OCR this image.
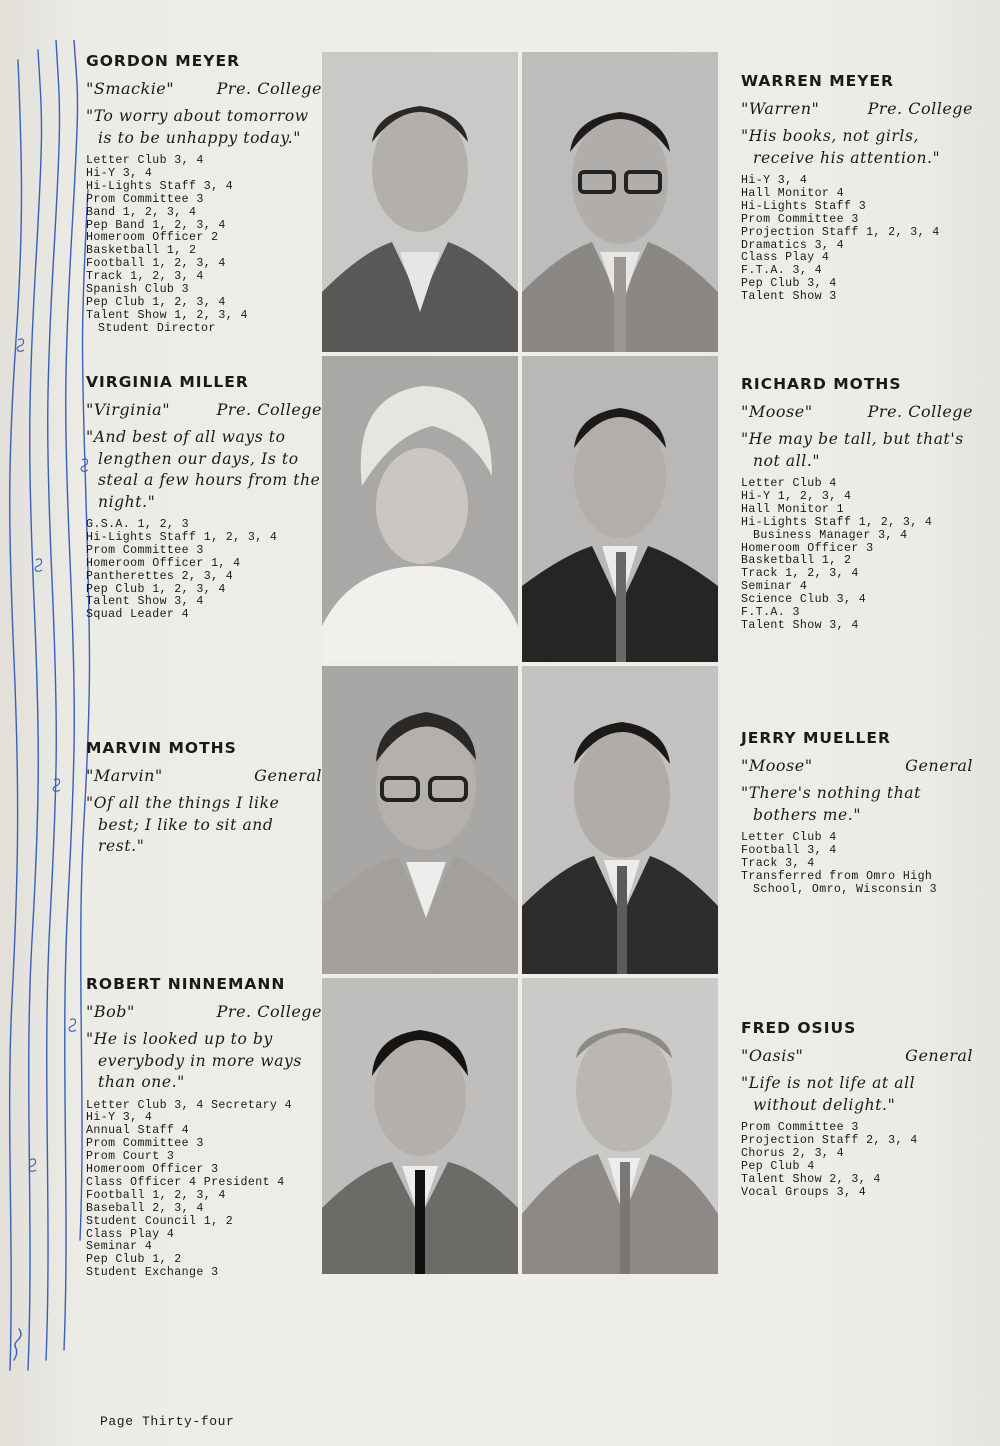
GORDON MEYER
"Smackie"	Pre. College
"To worry about tomorrow is to be unhappy today."
Letter Club 3, 4
Hi-Y 3, 4
Hi-Lights Staff 3, 4
Prom Committee 3
Band 1, 2, 3, 4
Pep Band 1, 2, 3, 4
Homeroom Officer 2
Basketball 1, 2
Football 1, 2, 3, 4
Track 1, 2, 3, 4
Spanish Club 3
Pep Club 1, 2, 3, 4
Talent Show 1, 2, 3, 4
Student Director
WARREN MEYER
"Warren"	Pre. College
"His books, not girls, receive his attention."
Hi-Y 3, 4
Hall Monitor 4
Hi-Lights Staff 3
Prom Committee 3
Projection Staff 1, 2, 3, 4
Dramatics 3, 4
Class Play 4
F.T.A. 3, 4
Pep Club 3, 4
Talent Show 3
VIRGINIA MILLER
"Virginia"	Pre. College
"And best of all ways to lengthen our days, Is to steal a few hours from the night."
G.S.A. 1, 2, 3
Hi-Lights Staff 1, 2, 3, 4
Prom Committee 3
Homeroom Officer 1, 4
Pantherettes 2, 3, 4
Pep Club 1, 2, 3, 4
Talent Show 3, 4
Squad Leader 4
RICHARD MOTHS
"Moose"	Pre. College
"He may be tall, but that's not all."
Letter Club 4
Hi-Y 1, 2, 3, 4
Hall Monitor 1
Hi-Lights Staff 1, 2, 3, 4
Business Manager 3, 4
Homeroom Officer 3
Basketball 1, 2
Track 1, 2, 3, 4
Seminar 4
Science Club 3, 4
F.T.A. 3
Talent Show 3, 4
MARVIN MOTHS
"Marvin"	General
"Of all the things I like best; I like to sit and rest."
JERRY MUELLER
"Moose"	General
"There's nothing that bothers me."
Letter Club 4
Football 3, 4
Track 3, 4
Transferred from Omro High
School, Omro, Wisconsin 3
ROBERT NINNEMANN
"Bob"	Pre. College
"He is looked up to by everybody in more ways than one."
Letter Club 3, 4 Secretary 4
Hi-Y 3, 4
Annual Staff 4
Prom Committee 3
Prom Court 3
Homeroom Officer 3
Class Officer 4 President 4
Football 1, 2, 3, 4
Baseball 2, 3, 4
Student Council 1, 2
Class Play 4
Seminar 4
Pep Club 1, 2
Student Exchange 3
FRED OSIUS
"Oasis"	General
"Life is not life at all without delight."
Prom Committee 3
Projection Staff 2, 3, 4
Chorus 2, 3, 4
Pep Club 4
Talent Show 2, 3, 4
Vocal Groups 3, 4
Page Thirty-four
